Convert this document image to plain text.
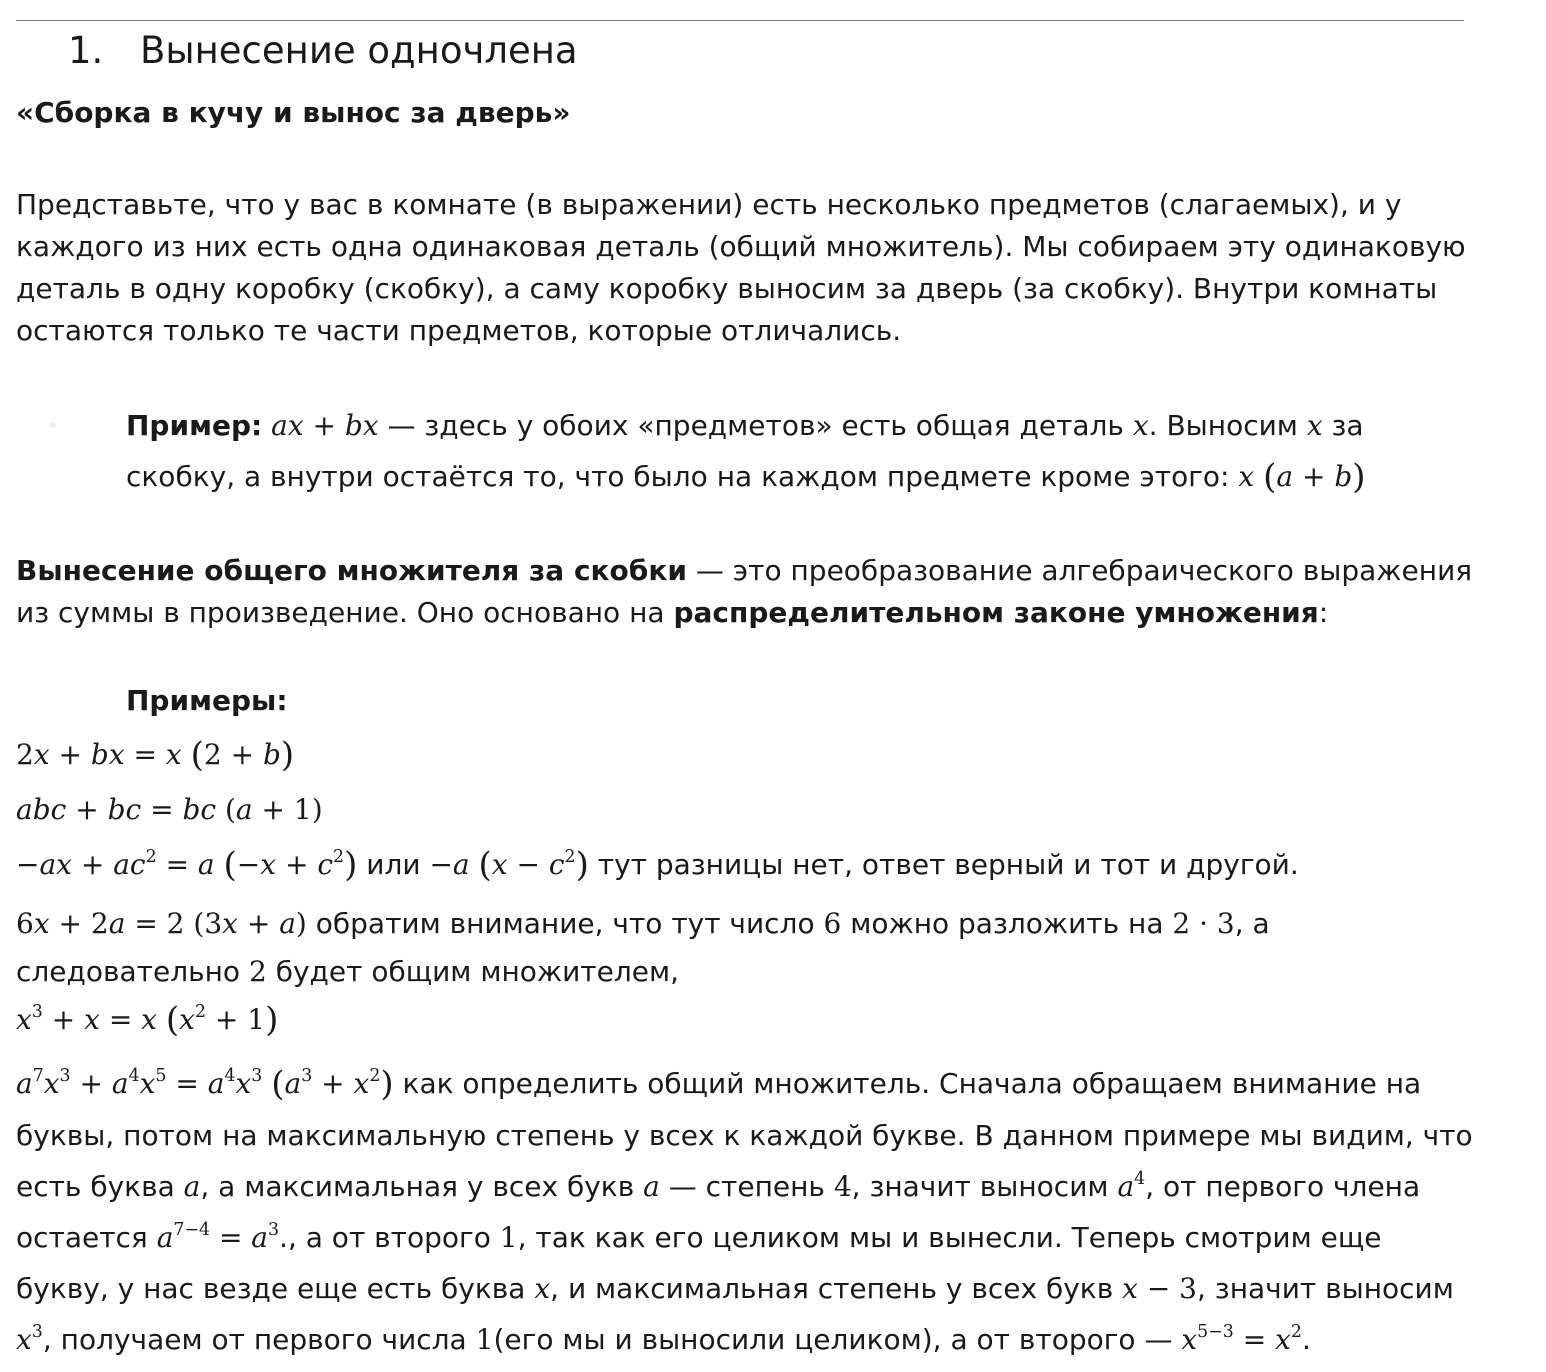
1. Вынесение одночлена
«Сборка в кучу и вынос за дверь»
Представьте, что у вас в комнате (в выражении) есть несколько предметов (слагаемых), и у каждого из них есть одна одинаковая деталь (общий множитель). Мы собираем эту одинаковую деталь в одну коробку (скобку), а саму коробку выносим за дверь (за скобку). Внутри комнаты остаются только те части предметов, которые отличались.
Пример: ax + bx — здесь у обоих «предметов» есть общая деталь x. Выносим x за скобку, а внутри остаётся то, что было на каждом предмете кроме этого: x (a + b)
Вынесение общего множителя за скобки — это преобразование алгебраического выражения из суммы в произведение. Оно основано на распределительном законе умножения:
Примеры:
2x + bx = x (2 + b)
abc + bc = bc (a + 1)
$-ax + ac^2 = a$ $(-x + c^2)$ или −a $(x - c^2)$ тут разницы нет, ответ верный и тот и другой.
6x + 2a = 2 (3x + a) обратим внимание, что тут число 6 можно разложить на 2 · 3, а следовательно 2 будет общим множителем,
$x^3 + x = x$ $(x^2 + 1)$
$a^7x^3 + a^4x^5 = a^4x^3$ $(a^3 + x^2)$ как определить общий множитель. Сначала обращаем внимание на буквы, потом на максимальную степень у всех к каждой букве. В данном примере мы видим, что есть буква a, а максимальная у всех букв a — степень 4, значит выносим $a^4$, от первого члена остается $a^{7-4} = a^3$., а от второго 1, так как его целиком мы и вынесли. Теперь смотрим еще букву, у нас везде еще есть буква x, и максимальная степень у всех букв x − 3, значит выносим $x^3$, получаем от первого числа 1(его мы и выносили целиком), а от второго — $x^{5-3} = x^2$.
